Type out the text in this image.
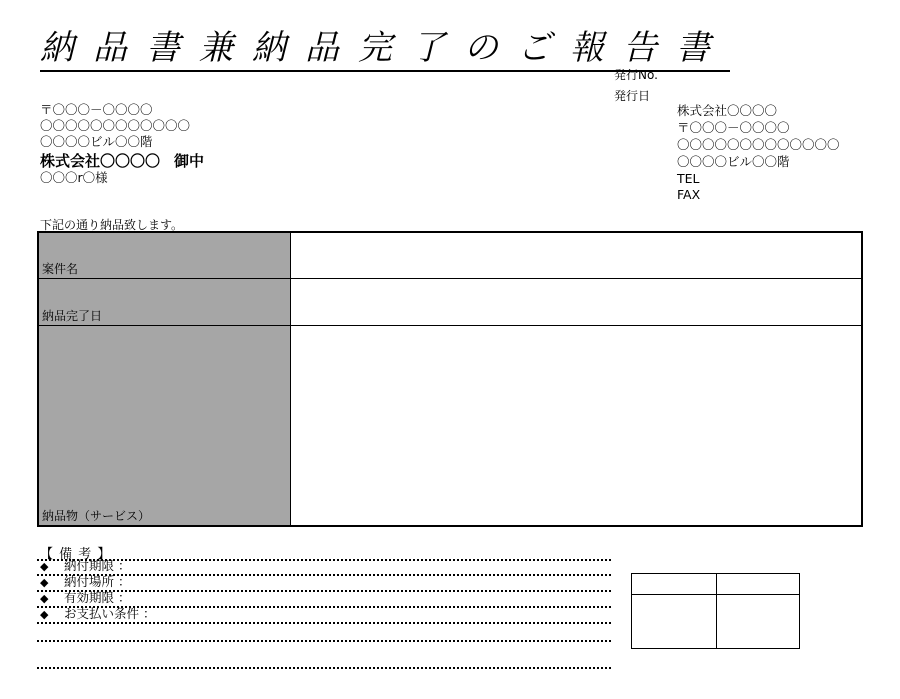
納品書兼納品完了のご報告書
発行No.
発行日
〒〇〇〇－〇〇〇〇
〇〇〇〇〇〇〇〇〇〇〇〇
〇〇〇〇ビル〇〇階
株式会社〇〇〇〇 御中
〇〇〇r〇様
株式会社〇〇〇〇
〒〇〇〇－〇〇〇〇
〇〇〇〇〇〇〇〇〇〇〇〇〇
〇〇〇〇ビル〇〇階
TEL
FAX
下記の通り納品致します。
案件名
納品完了日
納品物（サービス）
【 備 考 】
◆ 納付期限 ：
◆ 納付場所 ：
◆ 有効期限 ：
◆ お支払い条件 ：
